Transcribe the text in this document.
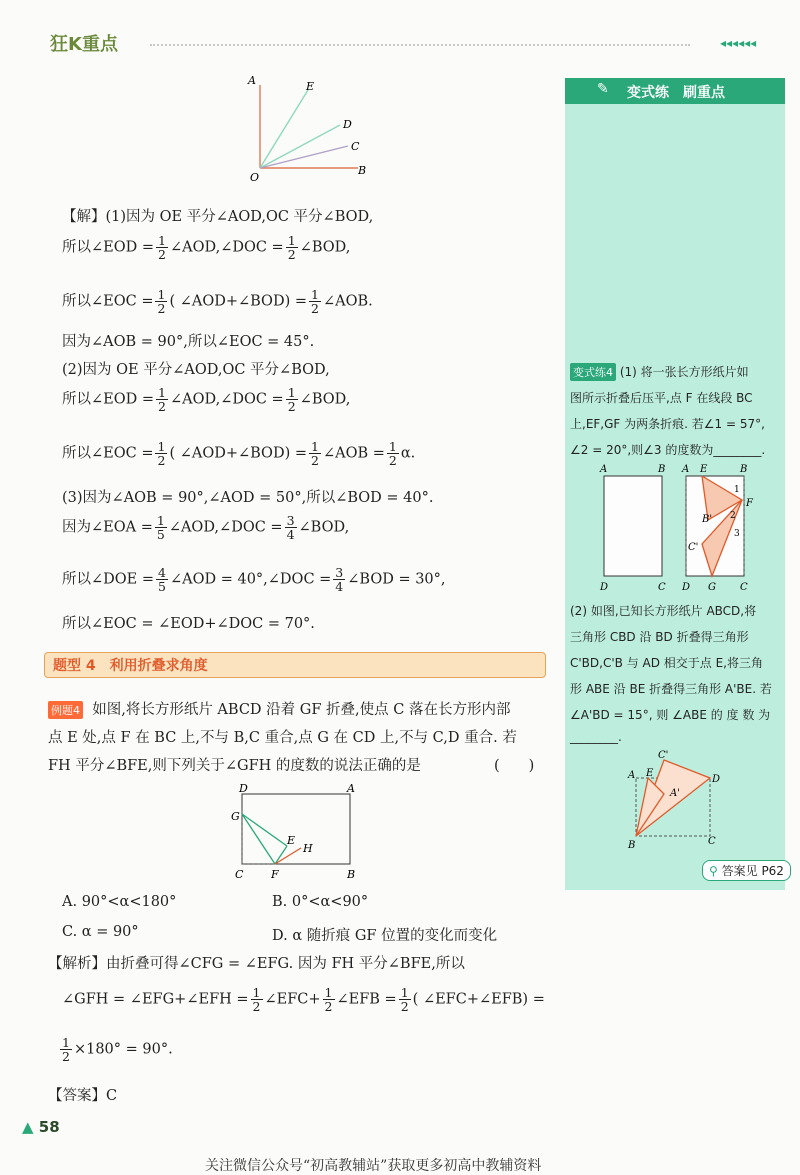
狂K重点	◂◂◂◂◂◂
A	E
D
C
O
B
【解】(1)因为 OE 平分∠AOD,OC 平分∠BOD,
所以∠EOD = $\frac{1}{2}$ ∠AOD,∠DOC = $\frac{1}{2}$ ∠BOD,
所以∠EOC = $\frac{1}{2}$ ( ∠AOD+∠BOD) = $\frac{1}{2}$ ∠AOB.
因为∠AOB = 90°,所以∠EOC = 45°.
(2)因为 OE 平分∠AOD,OC 平分∠BOD,
所以∠EOD = $\frac{1}{2}$ ∠AOD,∠DOC = $\frac{1}{2}$ ∠BOD,
所以∠EOC = $\frac{1}{2}$ ( ∠AOD+∠BOD) = $\frac{1}{2}$ ∠AOB = $\frac{1}{2} \alpha$.
(3)因为∠AOB = 90°,∠AOD = 50°,所以∠BOD = 40°.
因为∠EOA = $\frac{1}{5}$ ∠AOD,∠DOC = $\frac{3}{4}$ ∠BOD,
所以∠DOE = $\frac{4}{5}$ ∠AOD = 40°,∠DOC = $\frac{3}{4}$ ∠BOD = 30°,
所以∠EOC = ∠EOD+∠DOC = 70°.
题型 4　利用折叠求角度
例题4 如图,将长方形纸片 ABCD 沿着 GF 折叠,使点 C 落在长方形内部
点 E 处,点 F 在 BC 上,不与 B,C 重合,点 G 在 CD 上,不与 C,D 重合. 若
FH 平分∠BFE,则下列关于∠GFH 的度数的说法正确的是	(　　)
D	A
G
E
H
C	F	B
A. 90°<α<180°	B. 0°<α<90°
C. α = 90°	D. α 随折痕 GF 位置的变化而变化
【解析】由折叠可得∠CFG = ∠EFG. 因为 FH 平分∠BFE,所以
∠GFH = ∠EFG+∠EFH = $\frac{1}{2}$ ∠EFC+ $\frac{1}{2}$ ∠EFB = $\frac{1}{2}$ ( ∠EFC+∠EFB) =
$\frac{1}{2} \times 180^\circ = 90^\circ$.
【答案】C
✎ 变式练　刷重点
变式练4 (1) 将一张长方形纸片如
图所示折叠后压平,点 F 在线段 BC
上,EF,GF 为两条折痕. 若∠1 = 57°,
∠2 = 20°,则∠3 的度数为________.
A	B A E	B
1
F
B' 2
3
C'
D	C D G C
(2) 如图,已知长方形纸片 ABCD,将
三角形 CBD 沿 BD 折叠得三角形
C'BD,C'B 与 AD 相交于点 E,将三角
形 ABE 沿 BE 折叠得三角形 A'BE. 若
∠A'BD = 15°, 则 ∠ABE 的 度 数 为
________.
C'
A E
D
A'
B	C
⚲ 答案见 P62
▲ 58
关注微信公众号“初高教辅站”获取更多初高中教辅资料
